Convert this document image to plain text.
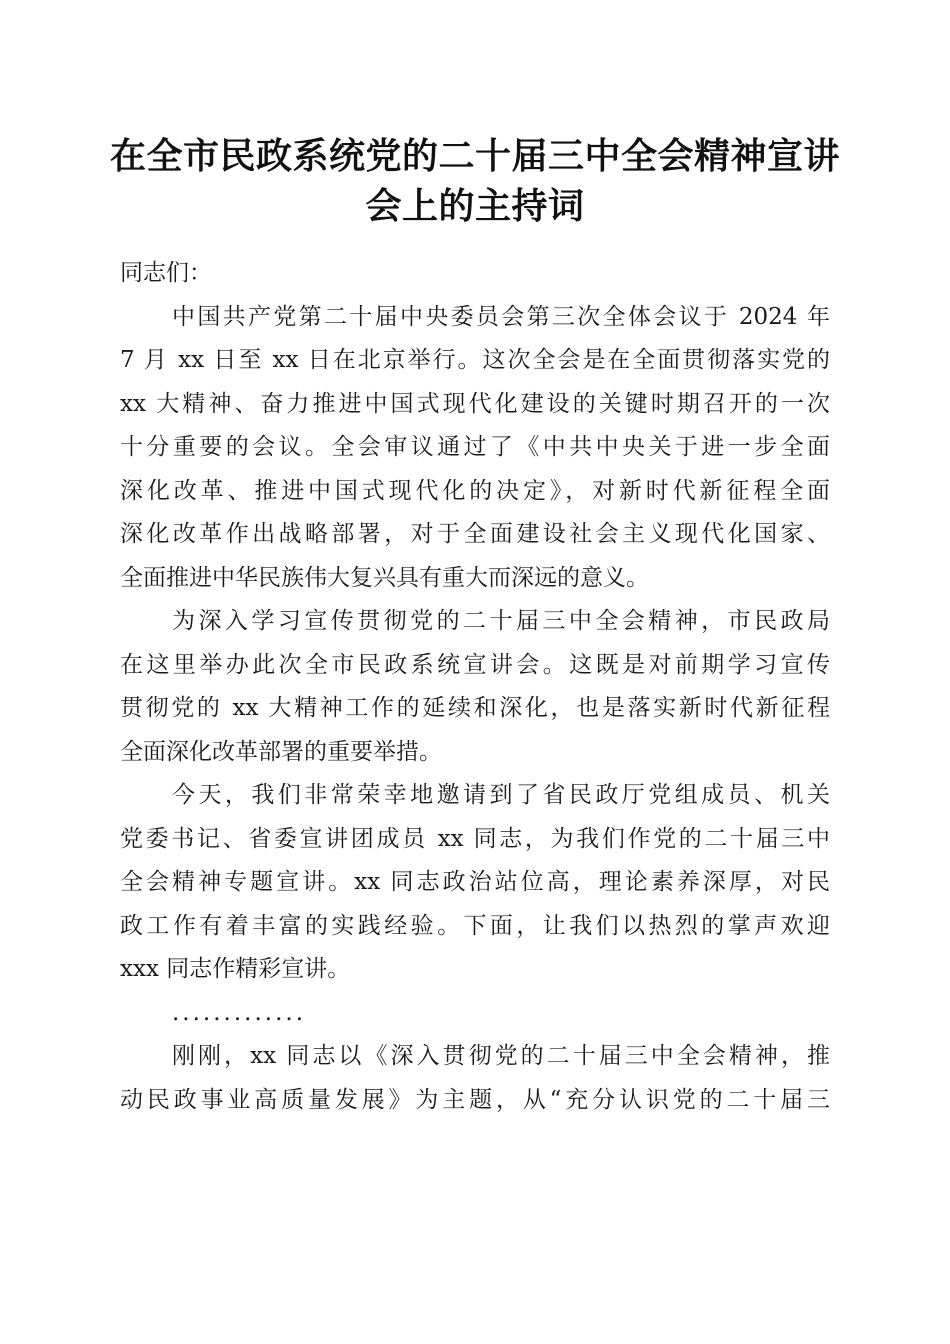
在全市民政系统党的二十届三中全会精神宣讲
会上的主持词
同志们：
中国共产党第二十届中央委员会第三次全体会议于 2024 年
7 月 xx 日至 xx 日在北京举行。这次全会是在全面贯彻落实党的
xx 大精神、奋力推进中国式现代化建设的关键时期召开的一次
十分重要的会议。全会审议通过了《中共中央关于进一步全面
深化改革、推进中国式现代化的决定》，对新时代新征程全面
深化改革作出战略部署，对于全面建设社会主义现代化国家、
全面推进中华民族伟大复兴具有重大而深远的意义。
为深入学习宣传贯彻党的二十届三中全会精神，市民政局
在这里举办此次全市民政系统宣讲会。这既是对前期学习宣传
贯彻党的 xx 大精神工作的延续和深化，也是落实新时代新征程
全面深化改革部署的重要举措。
今天，我们非常荣幸地邀请到了省民政厅党组成员、机关
党委书记、省委宣讲团成员 xx 同志，为我们作党的二十届三中
全会精神专题宣讲。xx 同志政治站位高，理论素养深厚，对民
政工作有着丰富的实践经验。下面，让我们以热烈的掌声欢迎
xxx 同志作精彩宣讲。
.............
刚刚，xx 同志以《深入贯彻党的二十届三中全会精神，推
动民政事业高质量发展》为主题，从“充分认识党的二十届三
